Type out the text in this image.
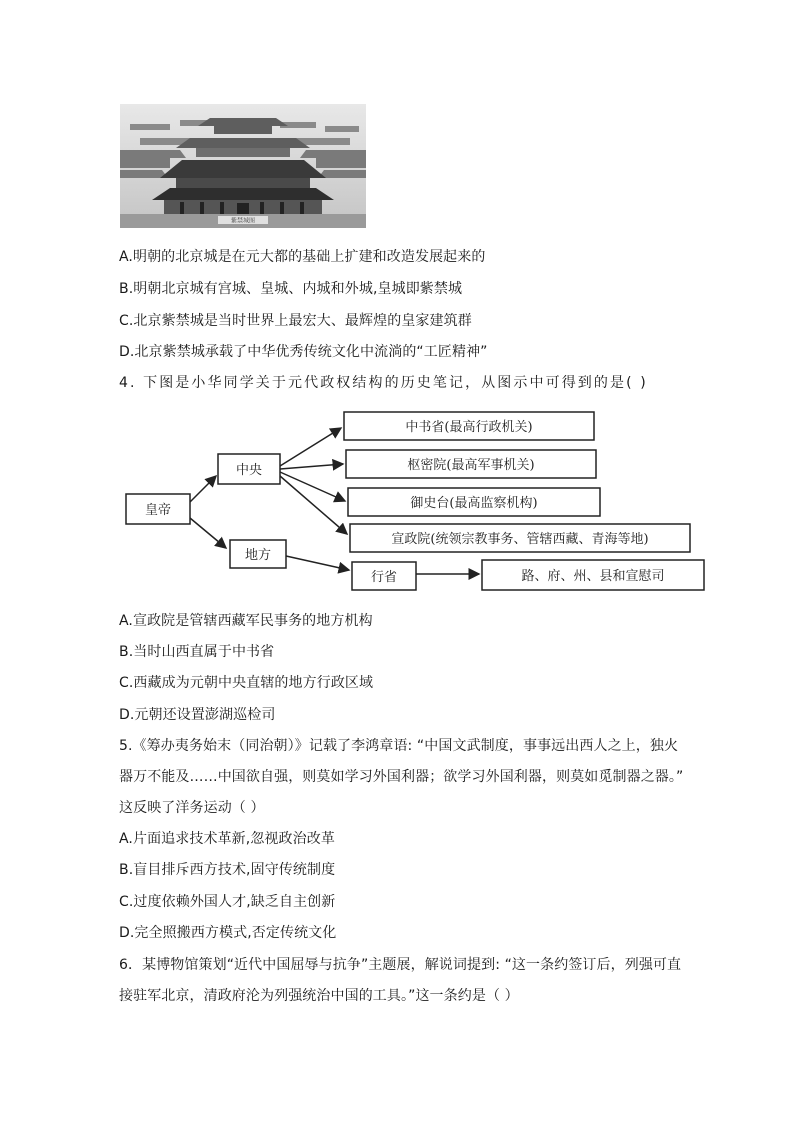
紫禁城图
A.明朝的北京城是在元大都的基础上扩建和改造发展起来的
B.明朝北京城有宫城、皇城、内城和外城,皇城即紫禁城
C.北京紫禁城是当时世界上最宏大、最辉煌的皇家建筑群
D.北京紫禁城承载了中华优秀传统文化中流淌的“工匠精神”
4. 下图是小华同学关于元代政权结构的历史笔记，从图示中可得到的是( )
皇帝
中央
地方
中书省(最高行政机关)
枢密院(最高军事机关)
御史台(最高监察机构)
宣政院(统领宗教事务、管辖西藏、青海等地)
行省	路、府、州、县和宣慰司
A.宣政院是管辖西藏军民事务的地方机构
B.当时山西直属于中书省
C.西藏成为元朝中央直辖的地方行政区域
D.元朝还设置澎湖巡检司
5.《筹办夷务始末（同治朝）》记载了李鸿章语: “中国文武制度，事事远出西人之上，独火
器万不能及……中国欲自强，则莫如学习外国利器；欲学习外国利器，则莫如觅制器之器。”
这反映了洋务运动（ ）
A.片面追求技术革新,忽视政治改革
B.盲目排斥西方技术,固守传统制度
C.过度依赖外国人才,缺乏自主创新
D.完全照搬西方模式,否定传统文化
6．某博物馆策划“近代中国屈辱与抗争”主题展，解说词提到: “这一条约签订后，列强可直
接驻军北京，清政府沦为列强统治中国的工具。”这一条约是（ ）
